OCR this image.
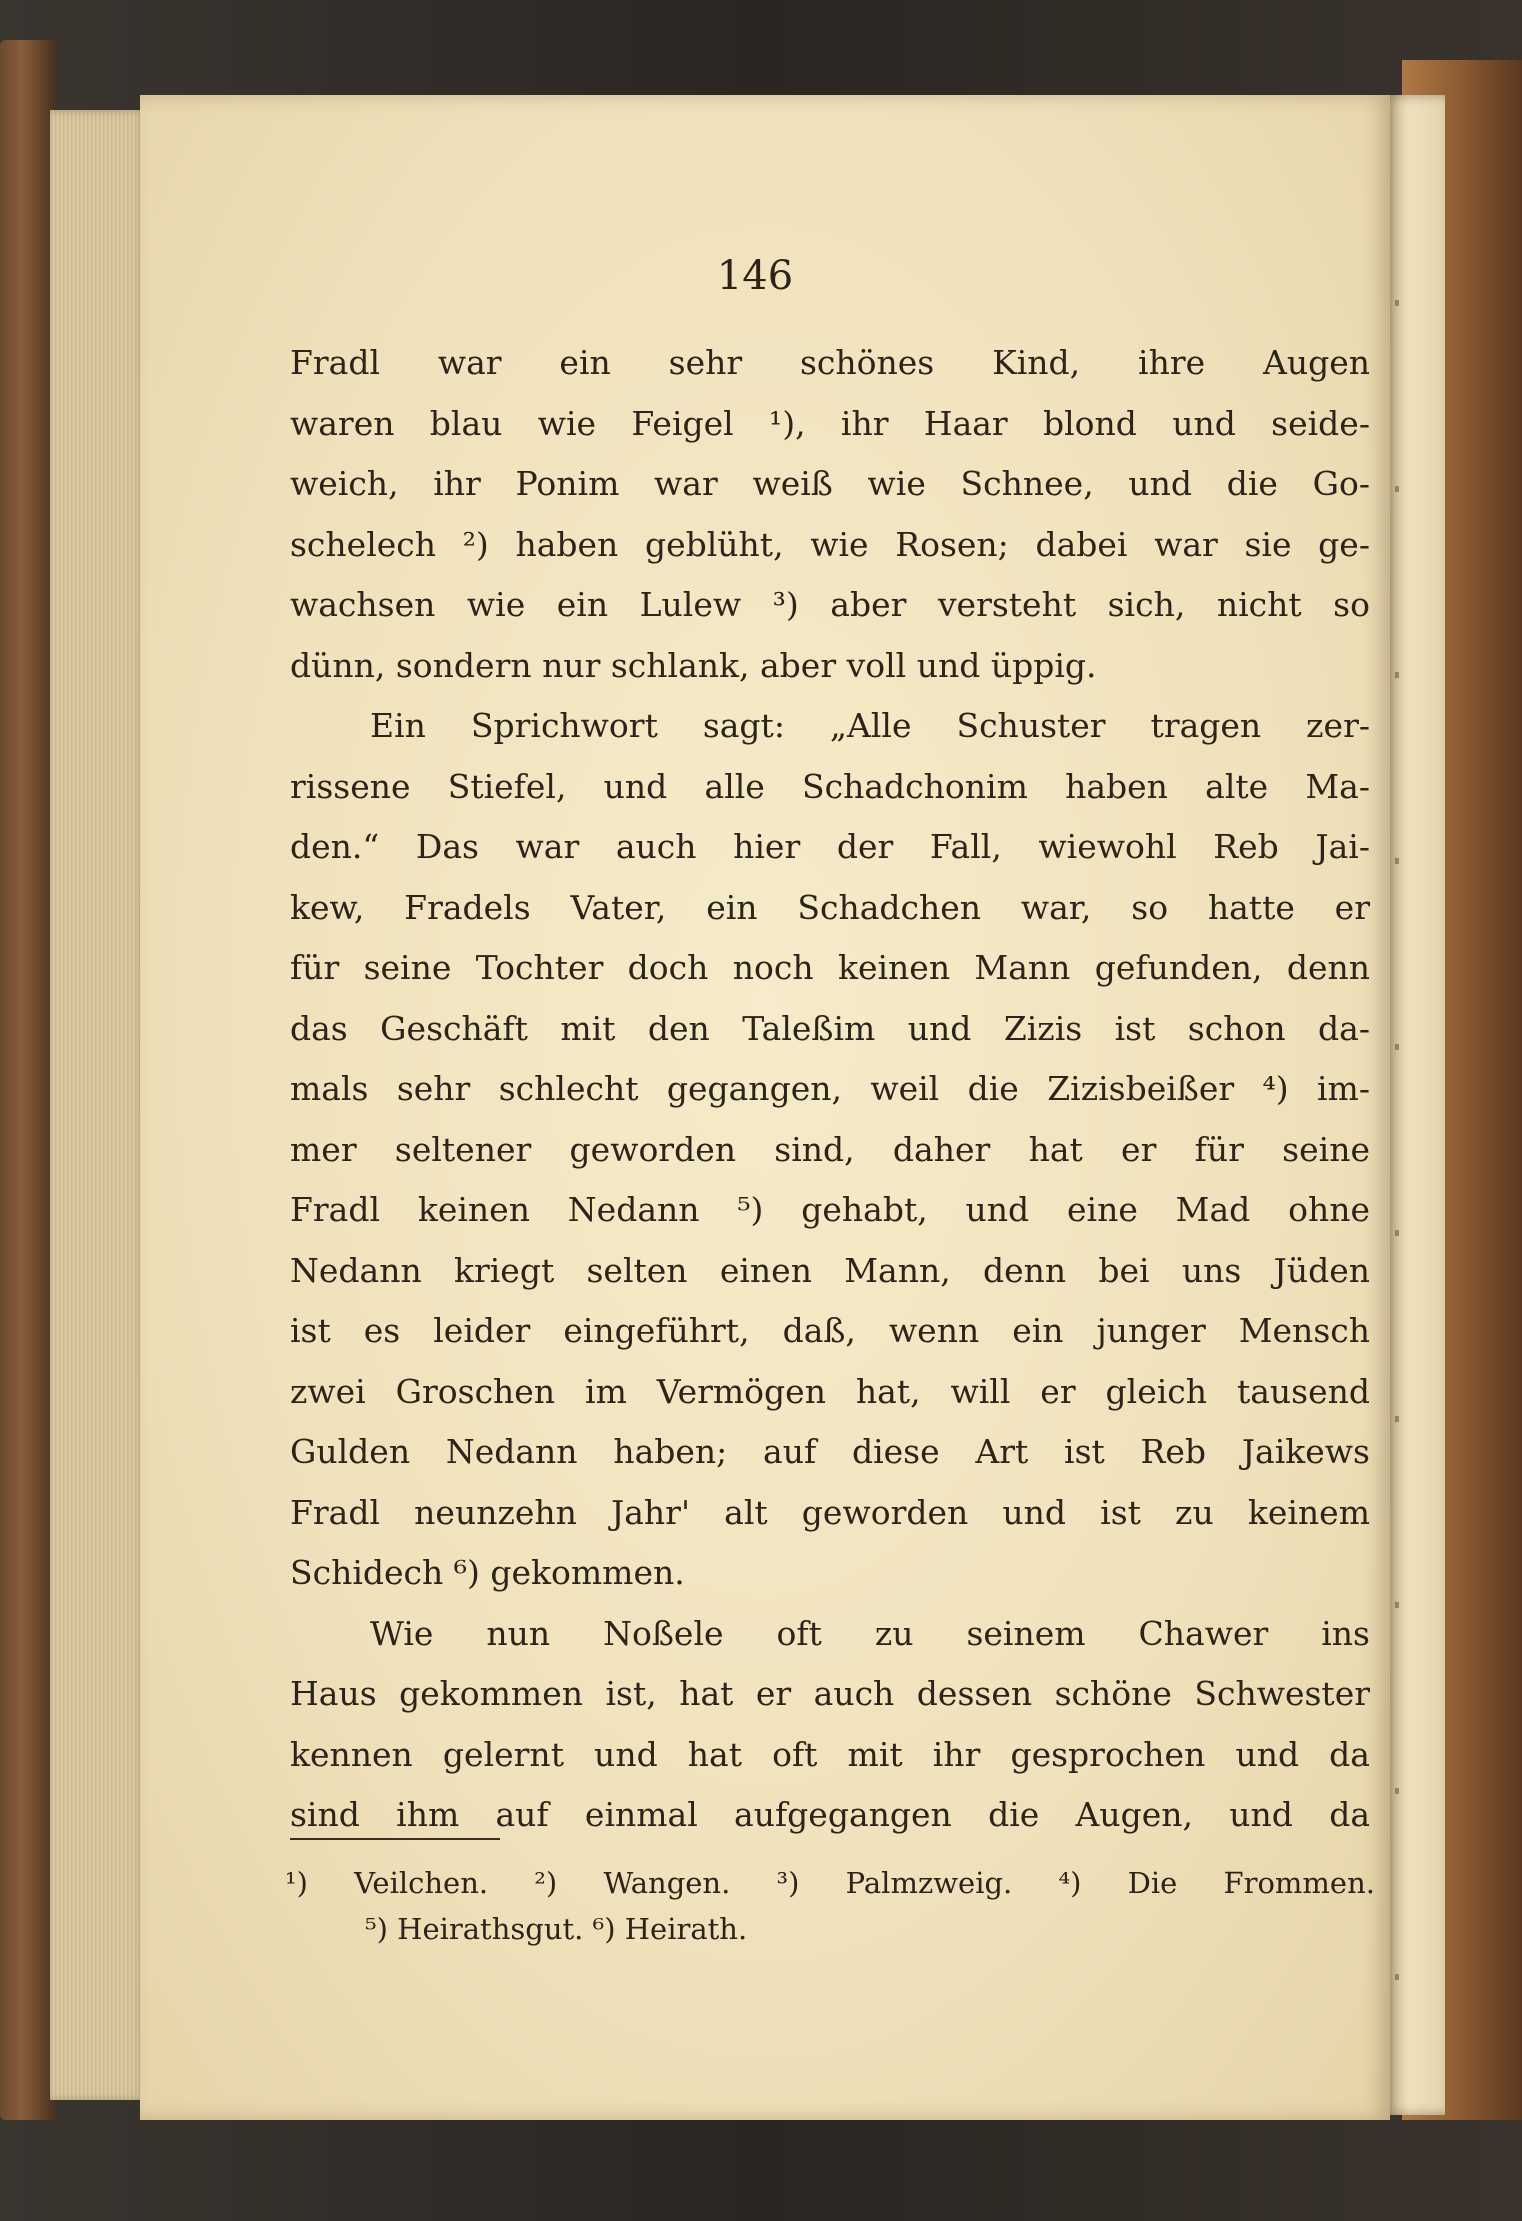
146
Fradl war ein sehr schönes Kind, ihre Augen
waren blau wie Feigel ¹), ihr Haar blond und seide-
weich, ihr Ponim war weiß wie Schnee, und die Go-
schelech ²) haben geblüht, wie Rosen; dabei war sie ge-
wachsen wie ein Lulew ³) aber versteht sich, nicht so
dünn, sondern nur schlank, aber voll und üppig.
Ein Sprichwort sagt: „Alle Schuster tragen zer-
rissene Stiefel, und alle Schadchonim haben alte Ma-
den.“ Das war auch hier der Fall, wiewohl Reb Jai-
kew, Fradels Vater, ein Schadchen war, so hatte er
für seine Tochter doch noch keinen Mann gefunden, denn
das Geschäft mit den Taleßim und Zizis ist schon da-
mals sehr schlecht gegangen, weil die Zizisbeißer ⁴) im-
mer seltener geworden sind, daher hat er für seine
Fradl keinen Nedann ⁵) gehabt, und eine Mad ohne
Nedann kriegt selten einen Mann, denn bei uns Jüden
ist es leider eingeführt, daß, wenn ein junger Mensch
zwei Groschen im Vermögen hat, will er gleich tausend
Gulden Nedann haben; auf diese Art ist Reb Jaikews
Fradl neunzehn Jahr' alt geworden und ist zu keinem
Schidech ⁶) gekommen.
Wie nun Noßele oft zu seinem Chawer ins
Haus gekommen ist, hat er auch dessen schöne Schwester
kennen gelernt und hat oft mit ihr gesprochen und da
sind ihm auf einmal aufgegangen die Augen, und da
¹) Veilchen. ²) Wangen. ³) Palmzweig. ⁴) Die Frommen.
⁵) Heirathsgut. ⁶) Heirath.
